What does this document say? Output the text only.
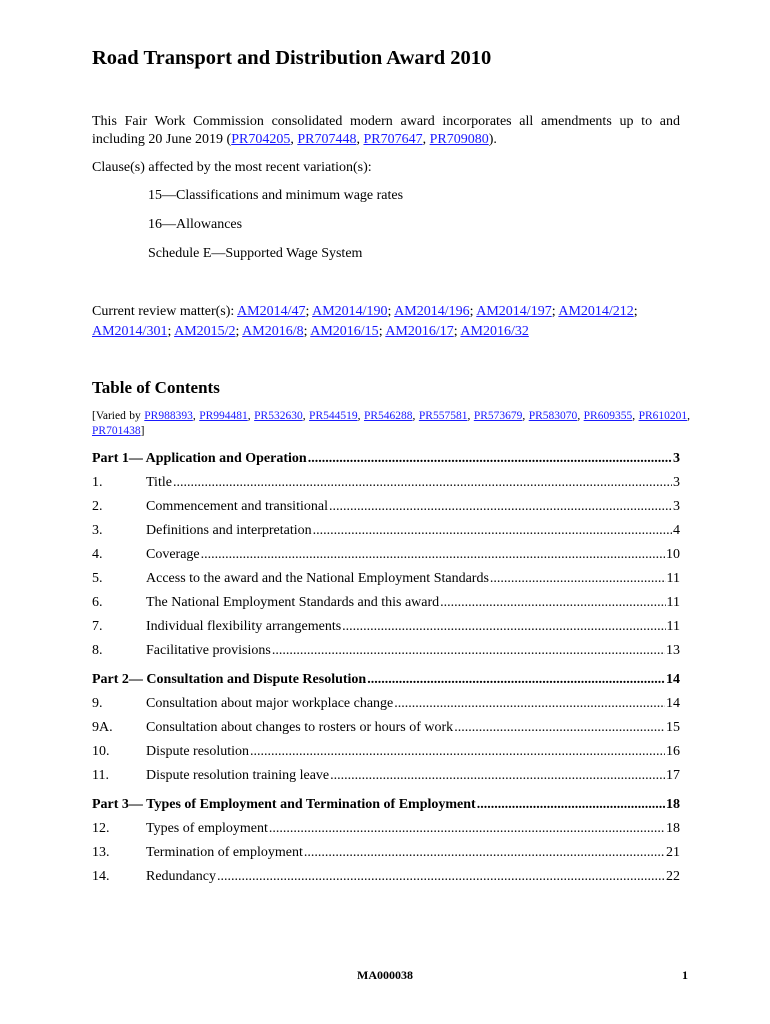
Road Transport and Distribution Award 2010
This Fair Work Commission consolidated modern award incorporates all amendments up to and including 20 June 2019 (PR704205, PR707448, PR707647, PR709080).
Clause(s) affected by the most recent variation(s):
15—Classifications and minimum wage rates
16—Allowances
Schedule E—Supported Wage System
Current review matter(s): AM2014/47; AM2014/190; AM2014/196; AM2014/197; AM2014/212; AM2014/301; AM2015/2; AM2016/8; AM2016/15; AM2016/17; AM2016/32
Table of Contents
[Varied by PR988393, PR994481, PR532630, PR544519, PR546288, PR557581, PR573679, PR583070, PR609355, PR610201, PR701438]
Part 1— Application and Operation .....	3
1.	Title .....	3
2.	Commencement and transitional .....	3
3.	Definitions and interpretation .....	4
4.	Coverage .....	10
5.	Access to the award and the National Employment Standards .....	11
6.	The National Employment Standards and this award .....	11
7.	Individual flexibility arrangements .....	11
8.	Facilitative provisions .....	13
Part 2— Consultation and Dispute Resolution .....	14
9.	Consultation about major workplace change .....	14
9A.	Consultation about changes to rosters or hours of work .....	15
10.	Dispute resolution .....	16
11.	Dispute resolution training leave .....	17
Part 3— Types of Employment and Termination of Employment .....	18
12.	Types of employment .....	18
13.	Termination of employment .....	21
14.	Redundancy .....	22
MA000038	1
